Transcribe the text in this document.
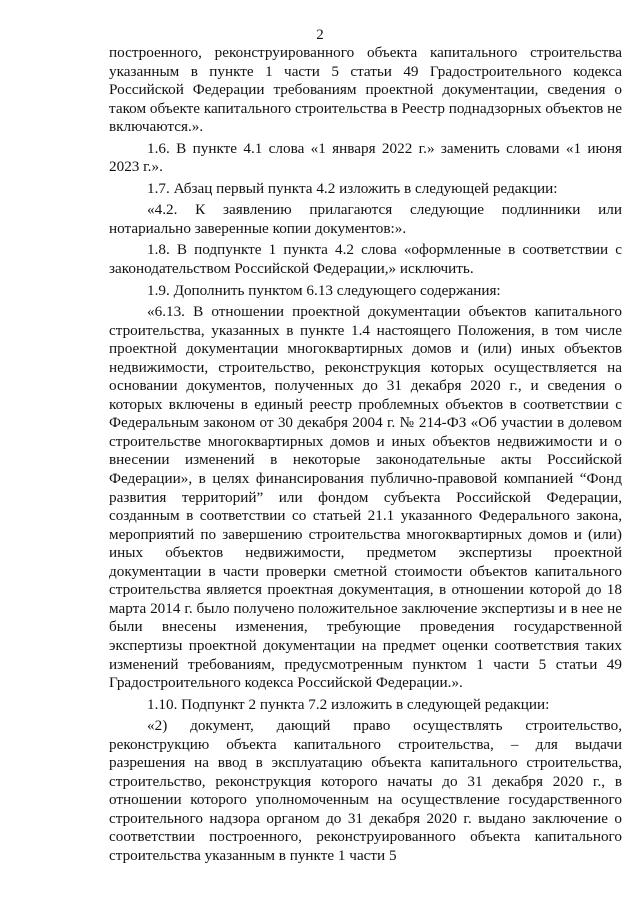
2

построенного, реконструированного объекта капитального строительства указанным в пункте 1 части 5 статьи 49 Градостроительного кодекса Российской Федерации требованиям проектной документации, сведения о таком объекте капитального строительства в Реестр поднадзорных объектов не включаются.».

1.6. В пункте 4.1 слова «1 января 2022 г.» заменить словами «1 июня 2023 г.».

1.7. Абзац первый пункта 4.2 изложить в следующей редакции:

«4.2. К заявлению прилагаются следующие подлинники или нотариально заверенные копии документов:».

1.8. В подпункте 1 пункта 4.2 слова «оформленные в соответствии с законодательством Российской Федерации,» исключить.

1.9. Дополнить пунктом 6.13 следующего содержания:

«6.13. В отношении проектной документации объектов капитального строительства, указанных в пункте 1.4 настоящего Положения, в том числе проектной документации многоквартирных домов и (или) иных объектов недвижимости, строительство, реконструкция которых осуществляется на основании документов, полученных до 31 декабря 2020 г., и сведения о которых включены в единый реестр проблемных объектов в соответствии с Федеральным законом от 30 декабря 2004 г. № 214-ФЗ «Об участии в долевом строительстве многоквартирных домов и иных объектов недвижимости и о внесении изменений в некоторые законодательные акты Российской Федерации», в целях финансирования публично-правовой компанией “Фонд развития территорий” или фондом субъекта Российской Федерации, созданным в соответствии со статьей 21.1 указанного Федерального закона, мероприятий по завершению строительства многоквартирных домов и (или) иных объектов недвижимости, предметом экспертизы проектной документации в части проверки сметной стоимости объектов капитального строительства является проектная документация, в отношении которой до 18 марта 2014 г. было получено положительное заключение экспертизы и в нее не были внесены изменения, требующие проведения государственной экспертизы проектной документации на предмет оценки соответствия таких изменений требованиям, предусмотренным пунктом 1 части 5 статьи 49 Градостроительного кодекса Российской Федерации.».

1.10. Подпункт 2 пункта 7.2 изложить в следующей редакции:

«2) документ, дающий право осуществлять строительство, реконструкцию объекта капитального строительства, – для выдачи разрешения на ввод в эксплуатацию объекта капитального строительства, строительство, реконструкция которого начаты до 31 декабря 2020 г., в отношении которого уполномоченным на осуществление государственного строительного надзора органом до 31 декабря 2020 г. выдано заключение о соответствии построенного, реконструированного объекта капитального строительства указанным в пункте 1 части 5
